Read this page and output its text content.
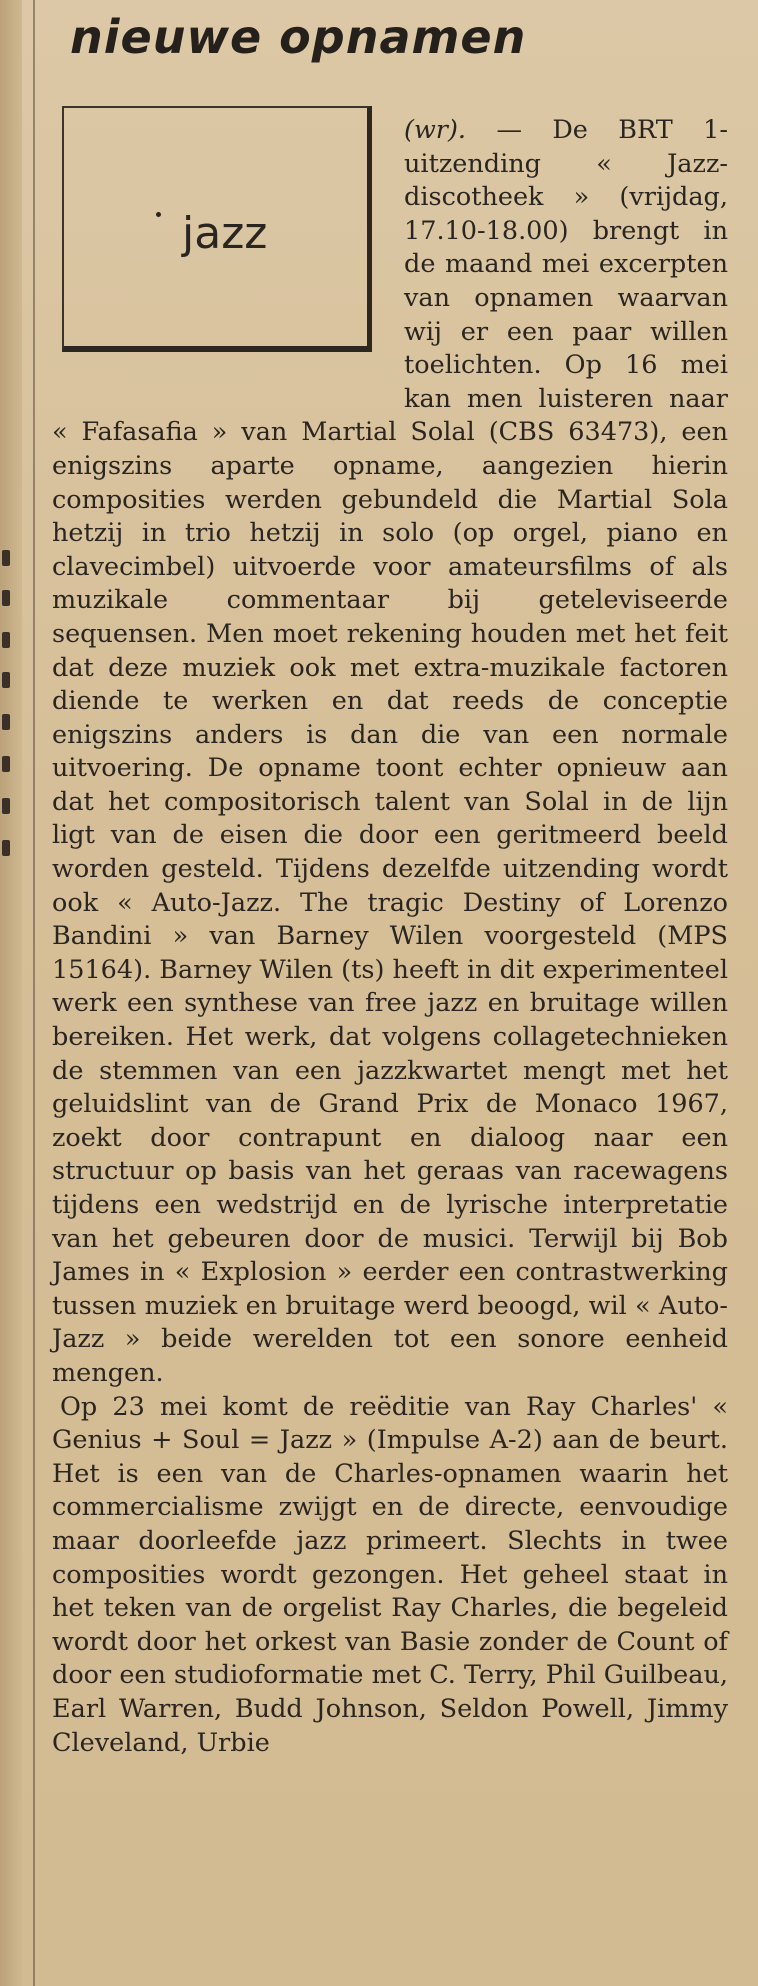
nieuwe opnamen
jazz

(wr). — De BRT 1-uitzending « Jazz-discotheek » (vrijdag, 17.10-18.00) brengt in de maand mei excerpten van opnamen waarvan wij er een paar willen toelichten. Op 16 mei kan men luisteren naar « Fafasafia » van Martial Solal (CBS 63473), een enigszins aparte opname, aangezien hierin composities werden gebundeld die Martial Sola hetzij in trio hetzij in solo (op orgel, piano en clavecimbel) uitvoerde voor amateursfilms of als muzikale commentaar bij geteleviseerde sequensen. Men moet rekening houden met het feit dat deze muziek ook met extra-muzikale factoren diende te werken en dat reeds de conceptie enigszins anders is dan die van een normale uitvoering. De opname toont echter opnieuw aan dat het compositorisch talent van Solal in de lijn ligt van de eisen die door een geritmeerd beeld worden gesteld. Tijdens dezelfde uitzending wordt ook « Auto-Jazz. The tragic Destiny of Lorenzo Bandini » van Barney Wilen voorgesteld (MPS 15164). Barney Wilen (ts) heeft in dit experimenteel werk een synthese van free jazz en bruitage willen bereiken. Het werk, dat volgens collagetechnieken de stemmen van een jazzkwartet mengt met het geluidslint van de Grand Prix de Monaco 1967, zoekt door contrapunt en dialoog naar een structuur op basis van het geraas van racewagens tijdens een wedstrijd en de lyrische interpretatie van het gebeuren door de musici. Terwijl bij Bob James in « Explosion » eerder een contrastwerking tussen muziek en bruitage werd beoogd, wil « Auto-Jazz » beide werelden tot een sonore eenheid mengen.

Op 23 mei komt de reëditie van Ray Charles' « Genius + Soul = Jazz » (Impulse A-2) aan de beurt. Het is een van de Charles-opnamen waarin het commercialisme zwijgt en de directe, eenvoudige maar doorleefde jazz primeert. Slechts in twee composities wordt gezongen. Het geheel staat in het teken van de orgelist Ray Charles, die begeleid wordt door het orkest van Basie zonder de Count of door een studioformatie met C. Terry, Phil Guilbeau, Earl Warren, Budd Johnson, Seldon Powell, Jimmy Cleveland, Urbie
